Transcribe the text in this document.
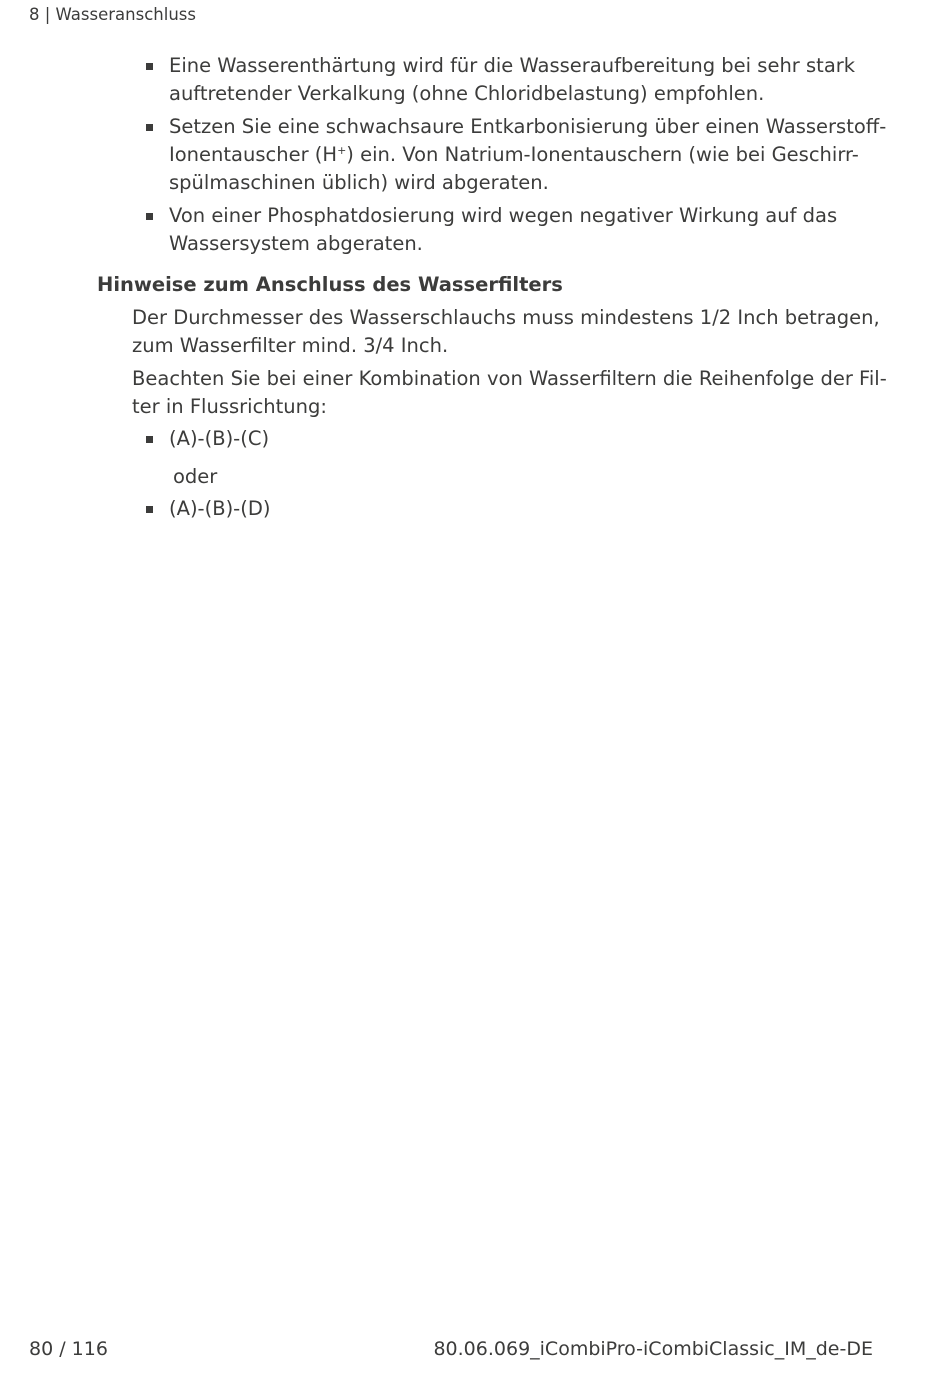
8 | Wasseranschluss
Eine Wasserenthärtung wird für die Wasseraufbereitung bei sehr stark
auftretender Verkalkung (ohne Chloridbelastung) empfohlen.
Setzen Sie eine schwachsaure Entkarbonisierung über einen Wasserstoff-
Ionentauscher (H+) ein. Von Natrium-Ionentauschern (wie bei Geschirr-
spülmaschinen üblich) wird abgeraten.
Von einer Phosphatdosierung wird wegen negativer Wirkung auf das
Wassersystem abgeraten.
Hinweise zum Anschluss des Wasserfilters
Der Durchmesser des Wasserschlauchs muss mindestens 1/2 Inch betragen,
zum Wasserfilter mind. 3/4 Inch.
Beachten Sie bei einer Kombination von Wasserfiltern die Reihenfolge der Fil-
ter in Flussrichtung:
(A)-(B)-(C)
oder
(A)-(B)-(D)
80 / 116	80.06.069_iCombiPro-iCombiClassic_IM_de-DE
